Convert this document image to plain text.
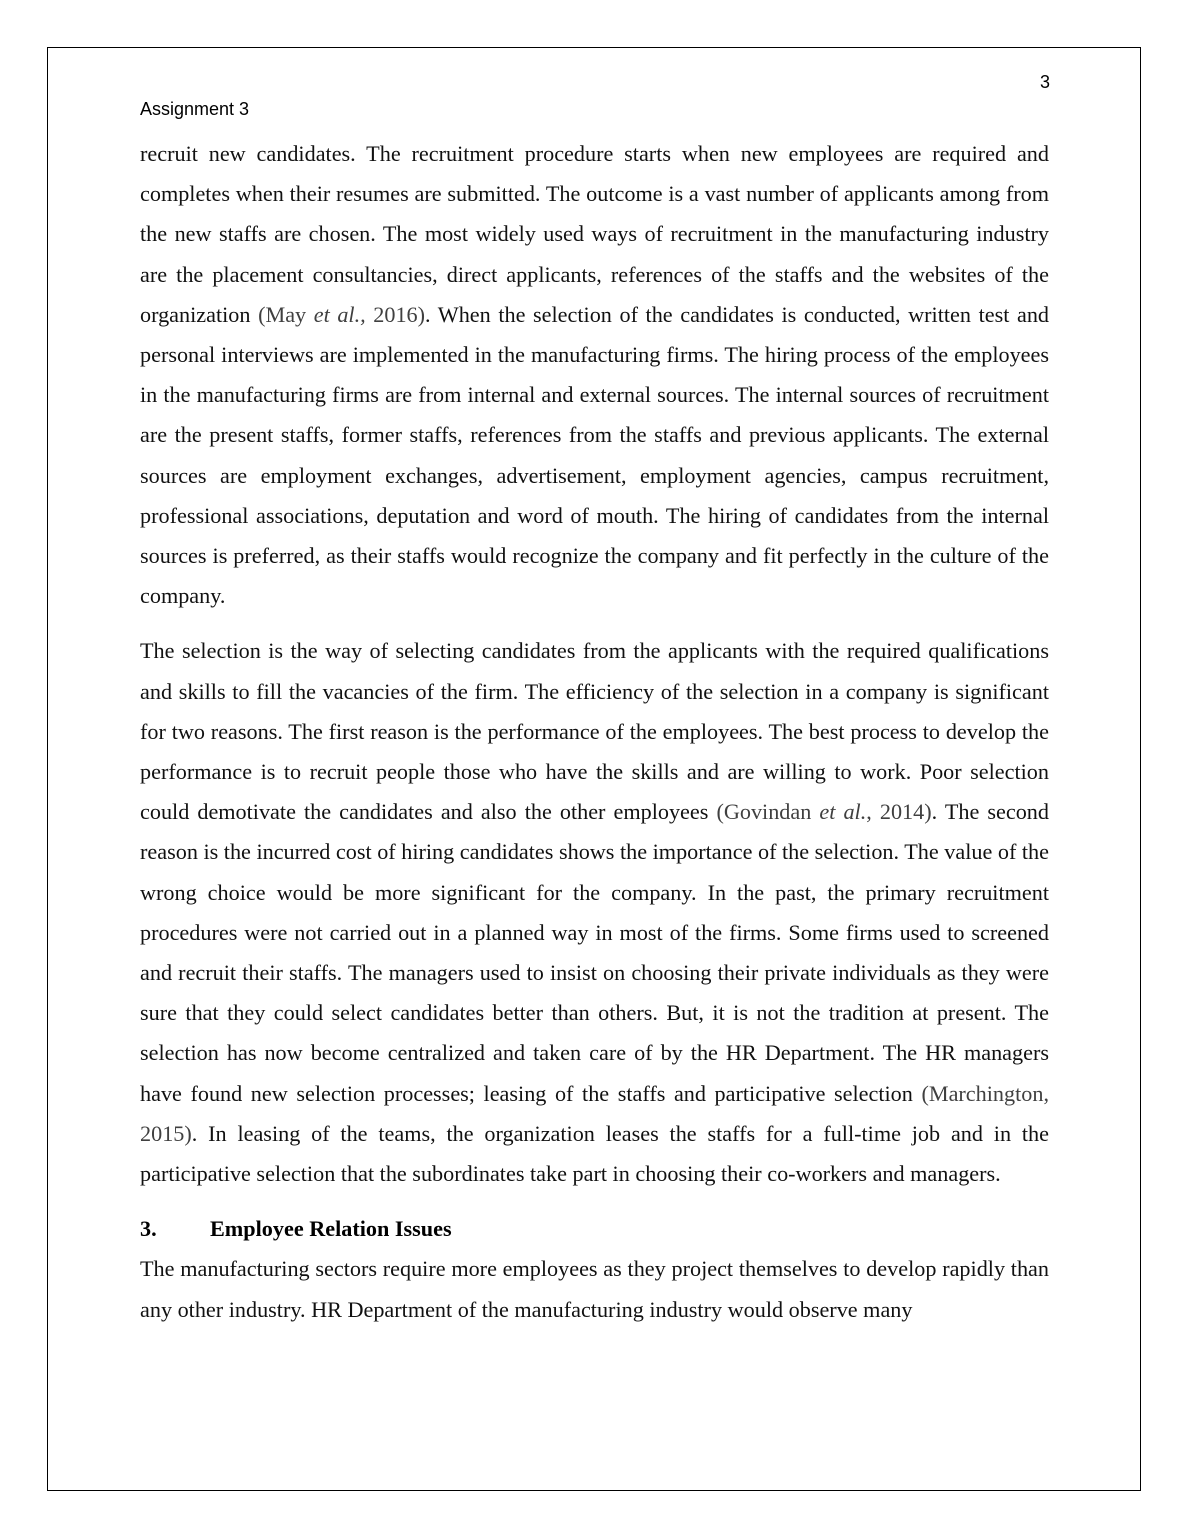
3
Assignment 3

recruit new candidates. The recruitment procedure starts when new employees are required and completes when their resumes are submitted. The outcome is a vast number of applicants among from the new staffs are chosen. The most widely used ways of recruitment in the manufacturing industry are the placement consultancies, direct applicants, references of the staffs and the websites of the organization (May et al., 2016). When the selection of the candidates is conducted, written test and personal interviews are implemented in the manufacturing firms. The hiring process of the employees in the manufacturing firms are from internal and external sources. The internal sources of recruitment are the present staffs, former staffs, references from the staffs and previous applicants. The external sources are employment exchanges, advertisement, employment agencies, campus recruitment, professional associations, deputation and word of mouth. The hiring of candidates from the internal sources is preferred, as their staffs would recognize the company and fit perfectly in the culture of the company.

The selection is the way of selecting candidates from the applicants with the required qualifications and skills to fill the vacancies of the firm. The efficiency of the selection in a company is significant for two reasons. The first reason is the performance of the employees. The best process to develop the performance is to recruit people those who have the skills and are willing to work. Poor selection could demotivate the candidates and also the other employees (Govindan et al., 2014). The second reason is the incurred cost of hiring candidates shows the importance of the selection. The value of the wrong choice would be more significant for the company. In the past, the primary recruitment procedures were not carried out in a planned way in most of the firms. Some firms used to screened and recruit their staffs. The managers used to insist on choosing their private individuals as they were sure that they could select candidates better than others. But, it is not the tradition at present. The selection has now become centralized and taken care of by the HR Department. The HR managers have found new selection processes; leasing of the staffs and participative selection (Marchington, 2015). In leasing of the teams, the organization leases the staffs for a full-time job and in the participative selection that the subordinates take part in choosing their co-workers and managers.

3. Employee Relation Issues

The manufacturing sectors require more employees as they project themselves to develop rapidly than any other industry. HR Department of the manufacturing industry would observe many
